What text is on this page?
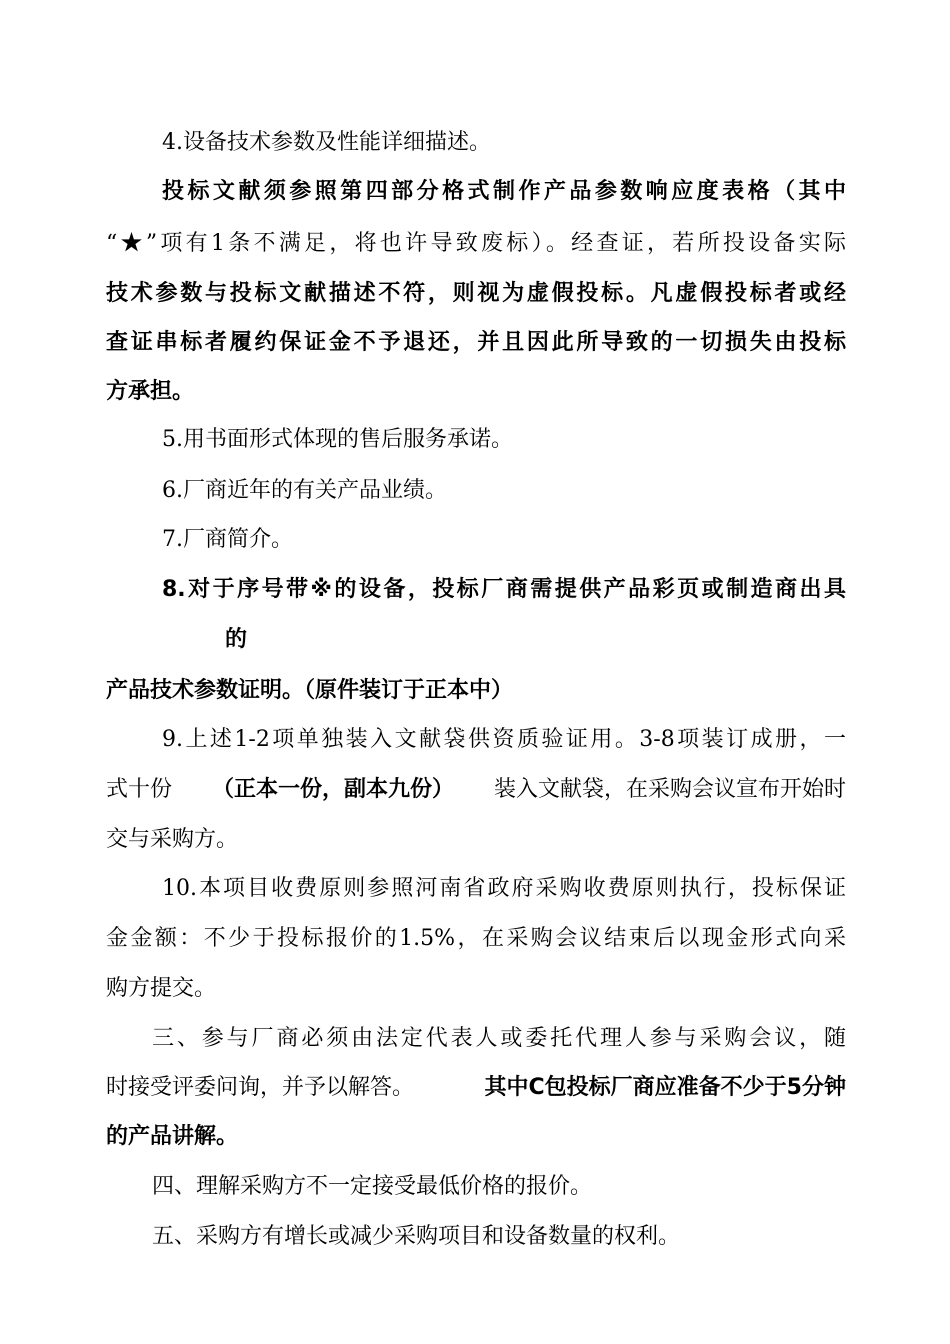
4.设备技术参数及性能详细描述。
投标文献须参照第四部分格式制作产品参数响应度表格（其中
“★”项有1条不满足，将也许导致废标）。经查证，若所投设备实际
技术参数与投标文献描述不符，则视为虚假投标。凡虚假投标者或经
查证串标者履约保证金不予退还，并且因此所导致的一切损失由投标
方承担。
5.用书面形式体现的售后服务承诺。
6.厂商近年的有关产品业绩。
7.厂商简介。
8.对于序号带※的设备，投标厂商需提供产品彩页或制造商出具
的
产品技术参数证明。（原件装订于正本中）
9.上述1-2项单独装入文献袋供资质验证用。3-8项装订成册，一
式十份 （正本一份，副本九份） 装入文献袋，在采购会议宣布开始时
交与采购方。
10.本项目收费原则参照河南省政府采购收费原则执行，投标保证
金金额：不少于投标报价的1.5%，在采购会议结束后以现金形式向采
购方提交。
三、参与厂商必须由法定代表人或委托代理人参与采购会议，随
时接受评委问询，并予以解答。	其中C包投标厂商应准备不少于5分钟
的产品讲解。
四、理解采购方不一定接受最低价格的报价。
五、采购方有增长或减少采购项目和设备数量的权利。
